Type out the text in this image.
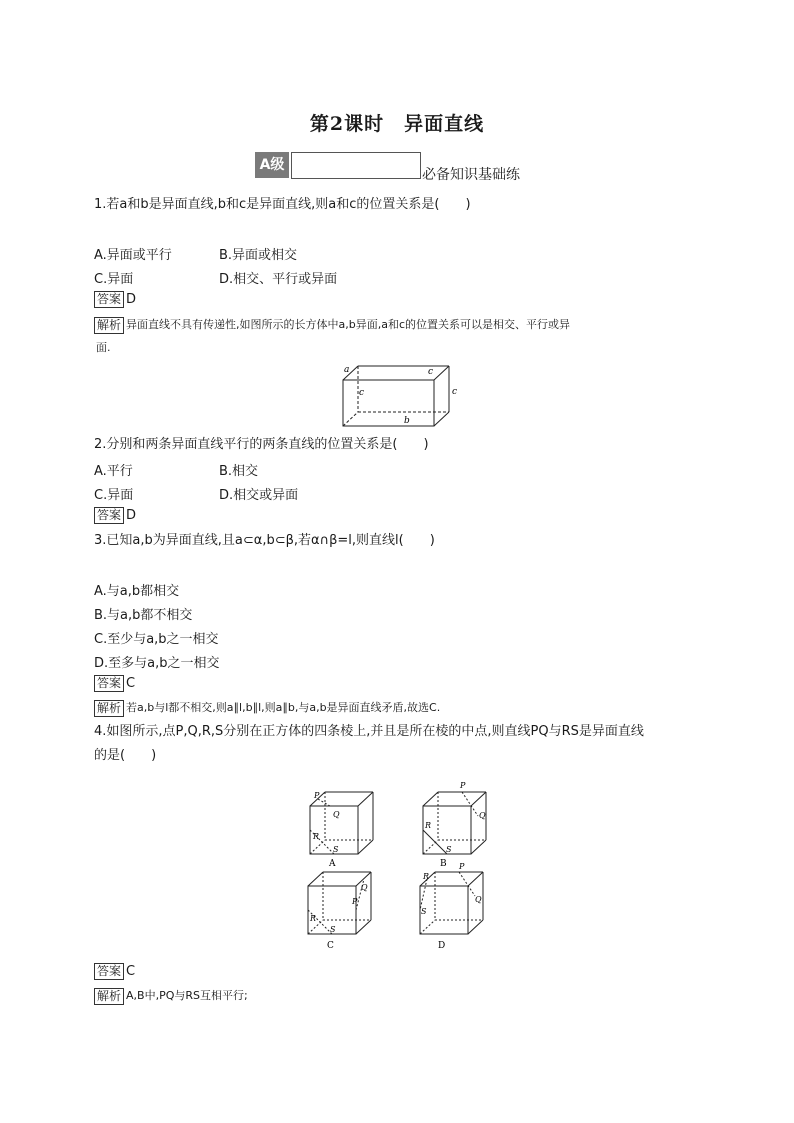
第2课时　异面直线
A级
必备知识基础练
1.若a和b是异面直线,b和c是异面直线,则a和c的位置关系是(　　)
A.异面或平行	B.异面或相交
C.异面	D.相交、平行或异面
答案 D
解析 异面直线不具有传递性,如图所示的长方体中a,b异面,a和c的位置关系可以是相交、平行或异
面.
a
c
c
c
b
2.分别和两条异面直线平行的两条直线的位置关系是(　　)
A.平行	B.相交
C.异面	D.相交或异面
答案 D
3.已知a,b为异面直线,且a⊂α,b⊂β,若α∩β=l,则直线l(　　)
A.与a,b都相交
B.与a,b都不相交
C.至少与a,b之一相交
D.至多与a,b之一相交
答案 C
解析 若a,b与l都不相交,则a∥l,b∥l,则a∥b,与a,b是异面直线矛盾,故选C.
4.如图所示,点P,Q,R,S分别在正方体的四条棱上,并且是所在棱的中点,则直线PQ与RS是异面直线
的是(　　)
P
Q
R
S
P
Q
R
S
P
Q
R
S
P
Q
R
S
A	B
C	D
答案 C
解析 A,B中,PQ与RS互相平行;
